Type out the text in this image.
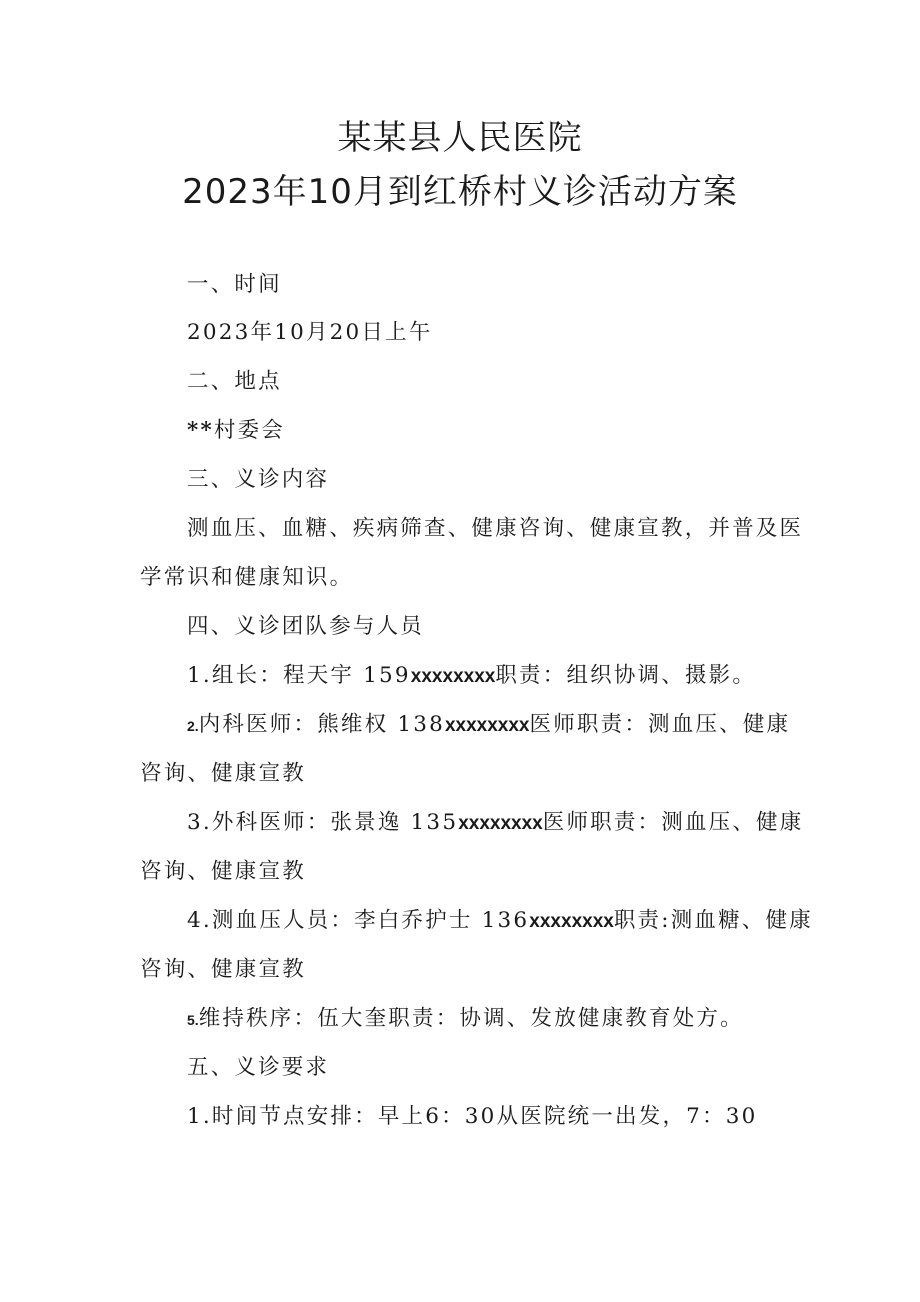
某某县人民医院
2023年10月到红桥村义诊活动方案
一、时间
2023年10月20日上午
二、地点
**村委会
三、义诊内容
测血压、血糖、疾病筛查、健康咨询、健康宣教，并普及医
学常识和健康知识。
四、义诊团队参与人员
1.组长：程天宇 159xxxxxxxx职责：组织协调、摄影。
2.内科医师：熊维权 138xxxxxxxx医师职责：测血压、健康
咨询、健康宣教
3.外科医师：张景逸 135xxxxxxxx医师职责：测血压、健康
咨询、健康宣教
4.测血压人员：李白乔护士 136xxxxxxxx职责:测血糖、健康
咨询、健康宣教
5.维持秩序：伍大奎职责：协调、发放健康教育处方。
五、义诊要求
1.时间节点安排：早上6：30从医院统一出发，7：30
